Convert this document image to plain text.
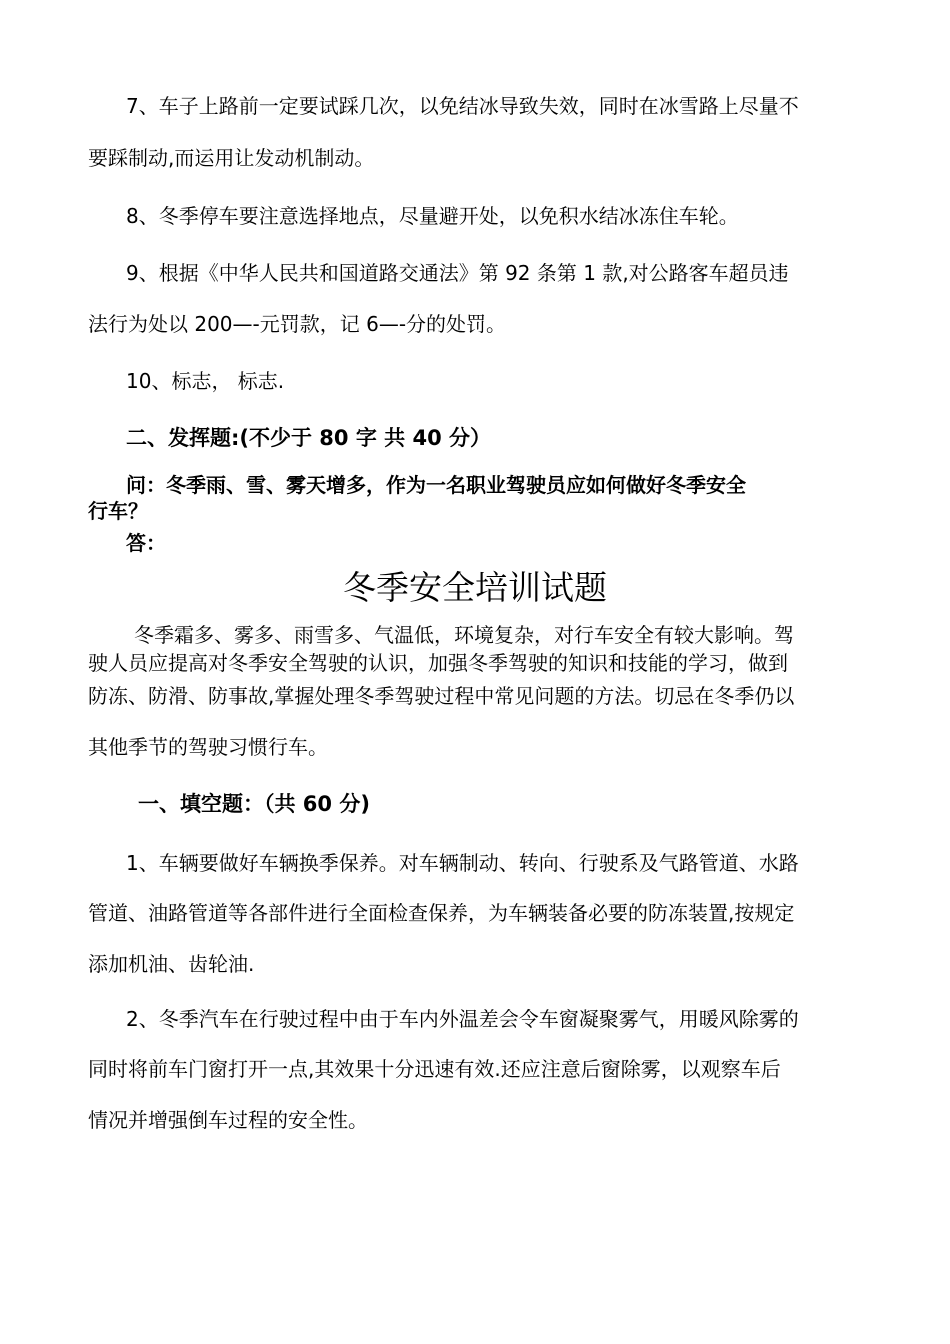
7、车子上路前一定要试踩几次，以免结冰导致失效，同时在冰雪路上尽量不
要踩制动,而运用让发动机制动。
8、冬季停车要注意选择地点，尽量避开处，以免积水结冰冻住车轮。
9、根据《中华人民共和国道路交通法》第 92 条第 1 款,对公路客车超员违
法行为处以 200—-元罚款，记 6—-分的处罚。
10、标志， 标志.
二、发挥题:(不少于 80 字 共 40 分）
问：冬季雨、雪、雾天增多，作为一名职业驾驶员应如何做好冬季安全
行车？
答：
冬季安全培训试题
冬季霜多、雾多、雨雪多、气温低，环境复杂，对行车安全有较大影响。驾
驶人员应提高对冬季安全驾驶的认识，加强冬季驾驶的知识和技能的学习，做到
防冻、防滑、防事故,掌握处理冬季驾驶过程中常见问题的方法。切忌在冬季仍以
其他季节的驾驶习惯行车。
一、填空题：（共 60 分)
1、车辆要做好车辆换季保养。对车辆制动、转向、行驶系及气路管道、水路
管道、油路管道等各部件进行全面检查保养，为车辆装备必要的防冻装置,按规定
添加机油、齿轮油.
2、冬季汽车在行驶过程中由于车内外温差会令车窗凝聚雾气，用暖风除雾的
同时将前车门窗打开一点,其效果十分迅速有效.还应注意后窗除雾，以观察车后
情况并增强倒车过程的安全性。
